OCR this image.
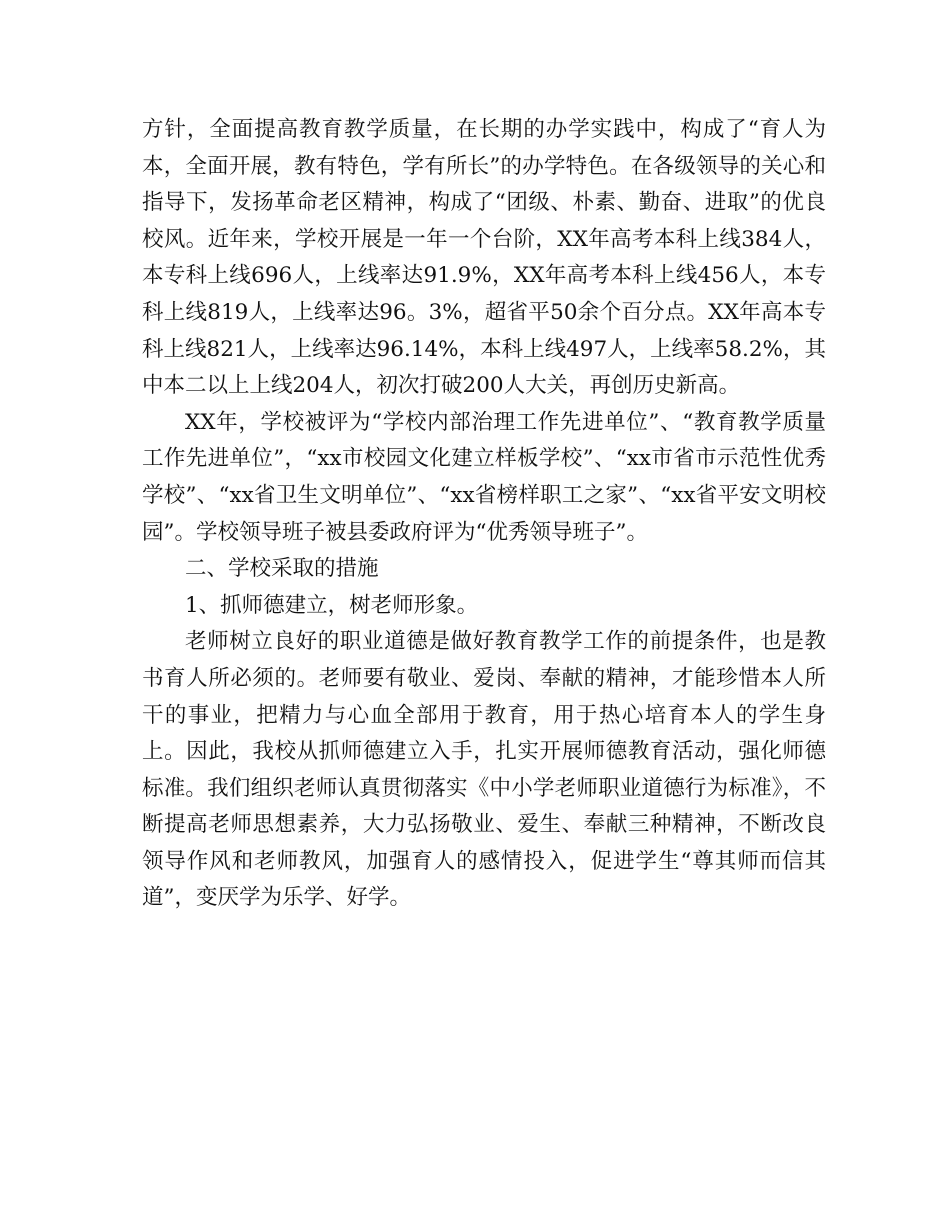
方针，全面提高教育教学质量，在长期的办学实践中，构成了“育人为本，全面开展，教有特色，学有所长”的办学特色。在各级领导的关心和指导下，发扬革命老区精神，构成了“团级、朴素、勤奋、进取”的优良校风。近年来，学校开展是一年一个台阶，XX年高考本科上线384人，本专科上线696人，上线率达91.9%，XX年高考本科上线456人，本专科上线819人，上线率达96。3%，超省平50余个百分点。XX年高本专科上线821人，上线率达96.14%，本科上线497人，上线率58.2%，其中本二以上上线204人，初次打破200人大关，再创历史新高。

XX年，学校被评为“学校内部治理工作先进单位”、“教育教学质量工作先进单位”，“xx市校园文化建立样板学校”、“xx市省市示范性优秀学校”、“xx省卫生文明单位”、“xx省榜样职工之家”、“xx省平安文明校园”。学校领导班子被县委政府评为“优秀领导班子”。

二、学校采取的措施

1、抓师德建立，树老师形象。

老师树立良好的职业道德是做好教育教学工作的前提条件，也是教书育人所必须的。老师要有敬业、爱岗、奉献的精神，才能珍惜本人所干的事业，把精力与心血全部用于教育，用于热心培育本人的学生身上。因此，我校从抓师德建立入手，扎实开展师德教育活动，强化师德标准。我们组织老师认真贯彻落实《中小学老师职业道德行为标准》，不断提高老师思想素养，大力弘扬敬业、爱生、奉献三种精神，不断改良领导作风和老师教风，加强育人的感情投入，促进学生“尊其师而信其道”，变厌学为乐学、好学。
